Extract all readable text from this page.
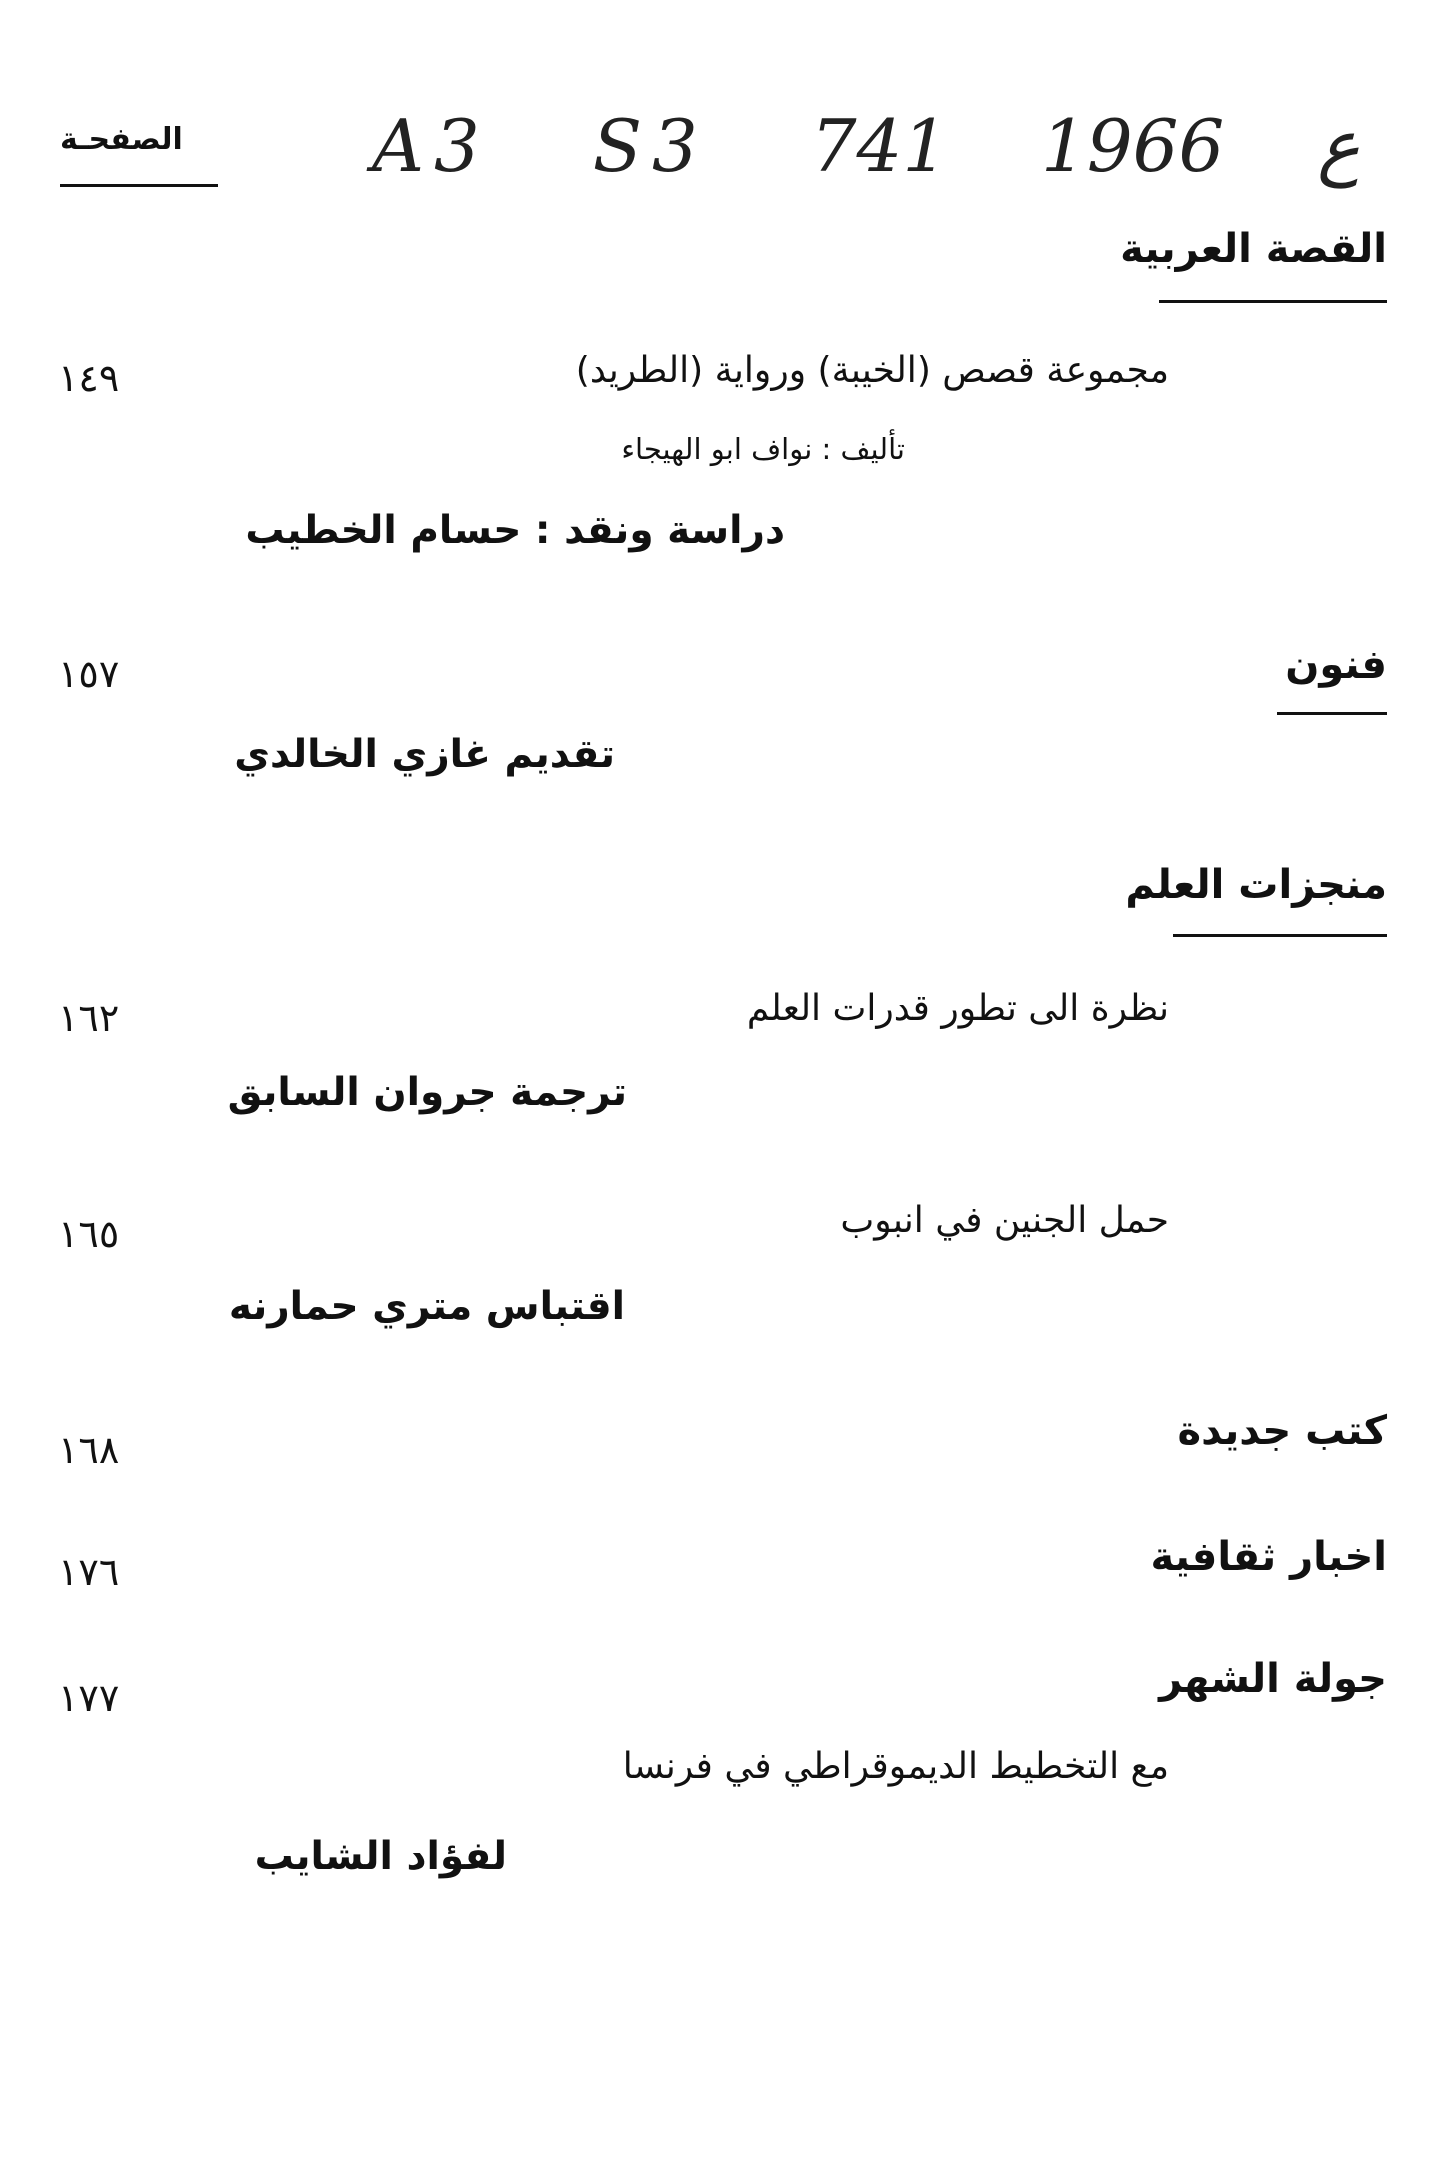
الصفحـة	A3 S3 ع 1966 741
القصة العربية
مجموعة قصص (الخيبة) ورواية (الطريد)
١٤٩
تأليف : نواف ابو الهيجاء
دراسة ونقد : حسام الخطيب
فنون
١٥٧
تقديم غازي الخالدي
منجزات العلم
نظرة الى تطور قدرات العلم
١٦٢
ترجمة جروان السابق
حمل الجنين في انبوب
١٦٥
اقتباس متري حمارنه
كتب جديدة
١٦٨
اخبار ثقافية
١٧٦
جولة الشهر
١٧٧
مع التخطيط الديموقراطي في فرنسا
لفؤاد الشايب
